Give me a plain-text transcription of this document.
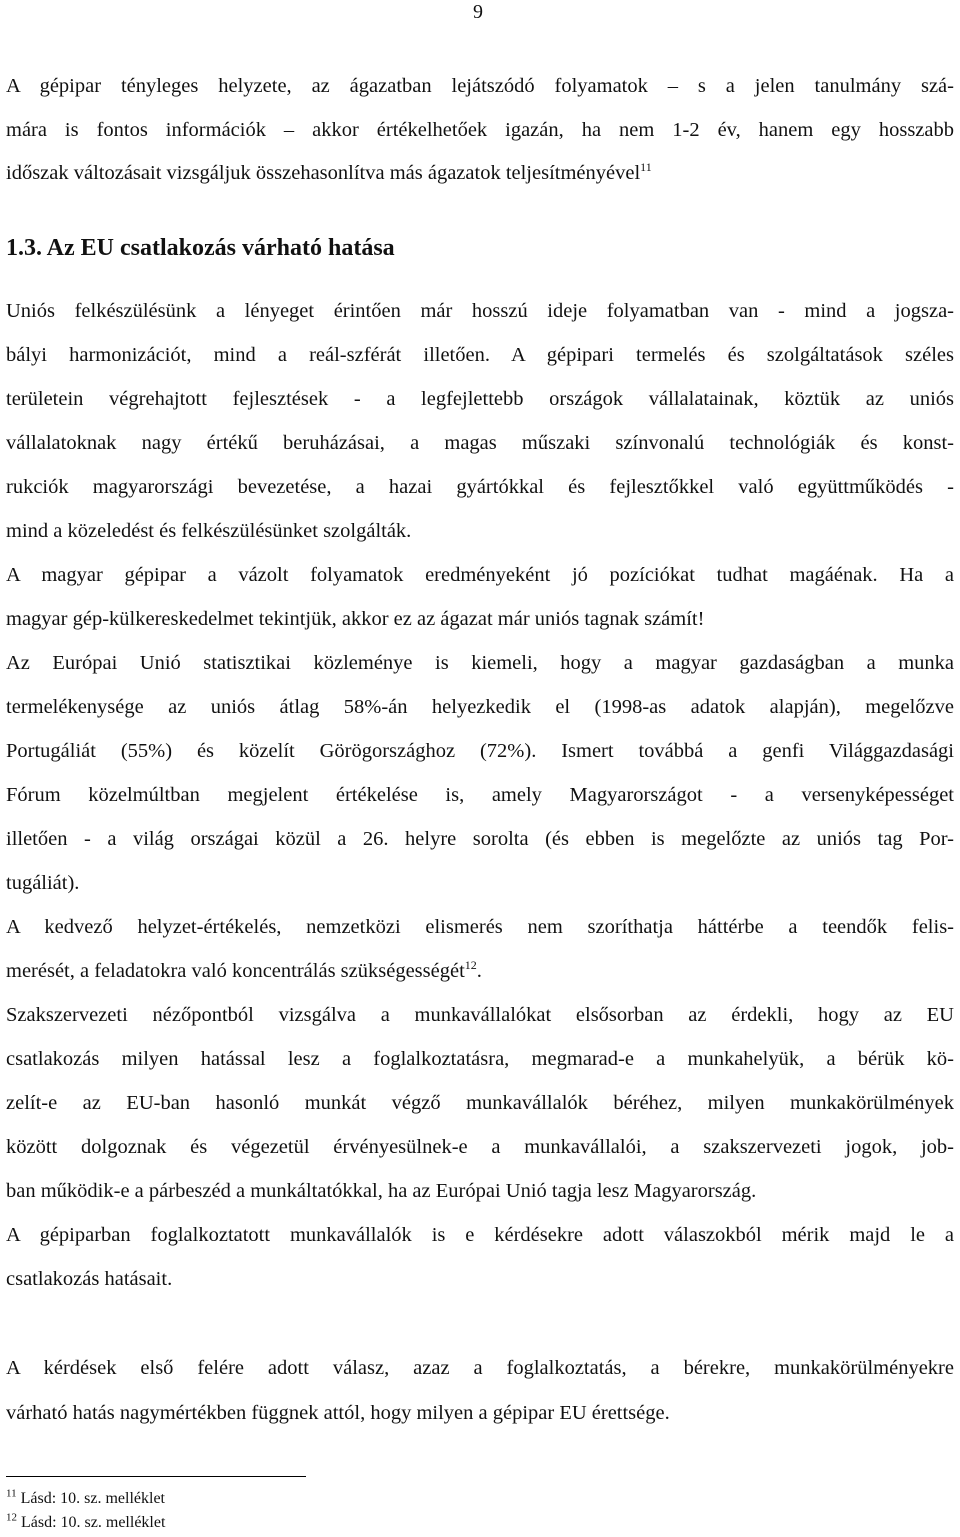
9
A gépipar tényleges helyzete, az ágazatban lejátszódó folyamatok – s a jelen tanulmány szá-
mára is fontos információk – akkor értékelhetőek igazán, ha nem 1-2 év, hanem egy hosszabb
időszak változásait vizsgáljuk összehasonlítva más ágazatok teljesítményével$^{11}$
1.3. Az EU csatlakozás várható hatása
Uniós felkészülésünk a lényeget érintően már hosszú ideje folyamatban van - mind a jogsza-
bályi harmonizációt, mind a reál-szférát illetően. A gépipari termelés és szolgáltatások széles
területein végrehajtott fejlesztések - a legfejlettebb országok vállalatainak, köztük az uniós
vállalatoknak nagy értékű beruházásai, a magas műszaki színvonalú technológiák és konst-
rukciók magyarországi bevezetése, a hazai gyártókkal és fejlesztőkkel való együttműködés -
mind a közeledést és felkészülésünket szolgálták.
A magyar gépipar a vázolt folyamatok eredményeként jó pozíciókat tudhat magáénak. Ha a
magyar gép-külkereskedelmet tekintjük, akkor ez az ágazat már uniós tagnak számít!
Az Európai Unió statisztikai közleménye is kiemeli, hogy a magyar gazdaságban a munka
termelékenysége az uniós átlag 58%-án helyezkedik el (1998-as adatok alapján), megelőzve
Portugáliát (55%) és közelít Görögországhoz (72%). Ismert továbbá a genfi Világgazdasági
Fórum közelmúltban megjelent értékelése is, amely Magyarországot - a versenyképességet
illetően - a világ országai közül a 26. helyre sorolta (és ebben is megelőzte az uniós tag Por-
tugáliát).
A kedvező helyzet-értékelés, nemzetközi elismerés nem szoríthatja háttérbe a teendők felis-
merését, a feladatokra való koncentrálás szükségességét$^{12}$.
Szakszervezeti nézőpontból vizsgálva a munkavállalókat elsősorban az érdekli, hogy az EU
csatlakozás milyen hatással lesz a foglalkoztatásra, megmarad-e a munkahelyük, a bérük kö-
zelít-e az EU-ban hasonló munkát végző munkavállalók béréhez, milyen munkakörülmények
között dolgoznak és végezetül érvényesülnek-e a munkavállalói, a szakszervezeti jogok, job-
ban működik-e a párbeszéd a munkáltatókkal, ha az Európai Unió tagja lesz Magyarország.
A gépiparban foglalkoztatott munkavállalók is e kérdésekre adott válaszokból mérik majd le a
csatlakozás hatásait.
A kérdések első felére adott válasz, azaz a foglalkoztatás, a bérekre, munkakörülményekre
várható hatás nagymértékben függnek attól, hogy milyen a gépipar EU érettsége.
$^{11}$ Lásd: 10. sz. melléklet
$^{12}$ Lásd: 10. sz. melléklet
